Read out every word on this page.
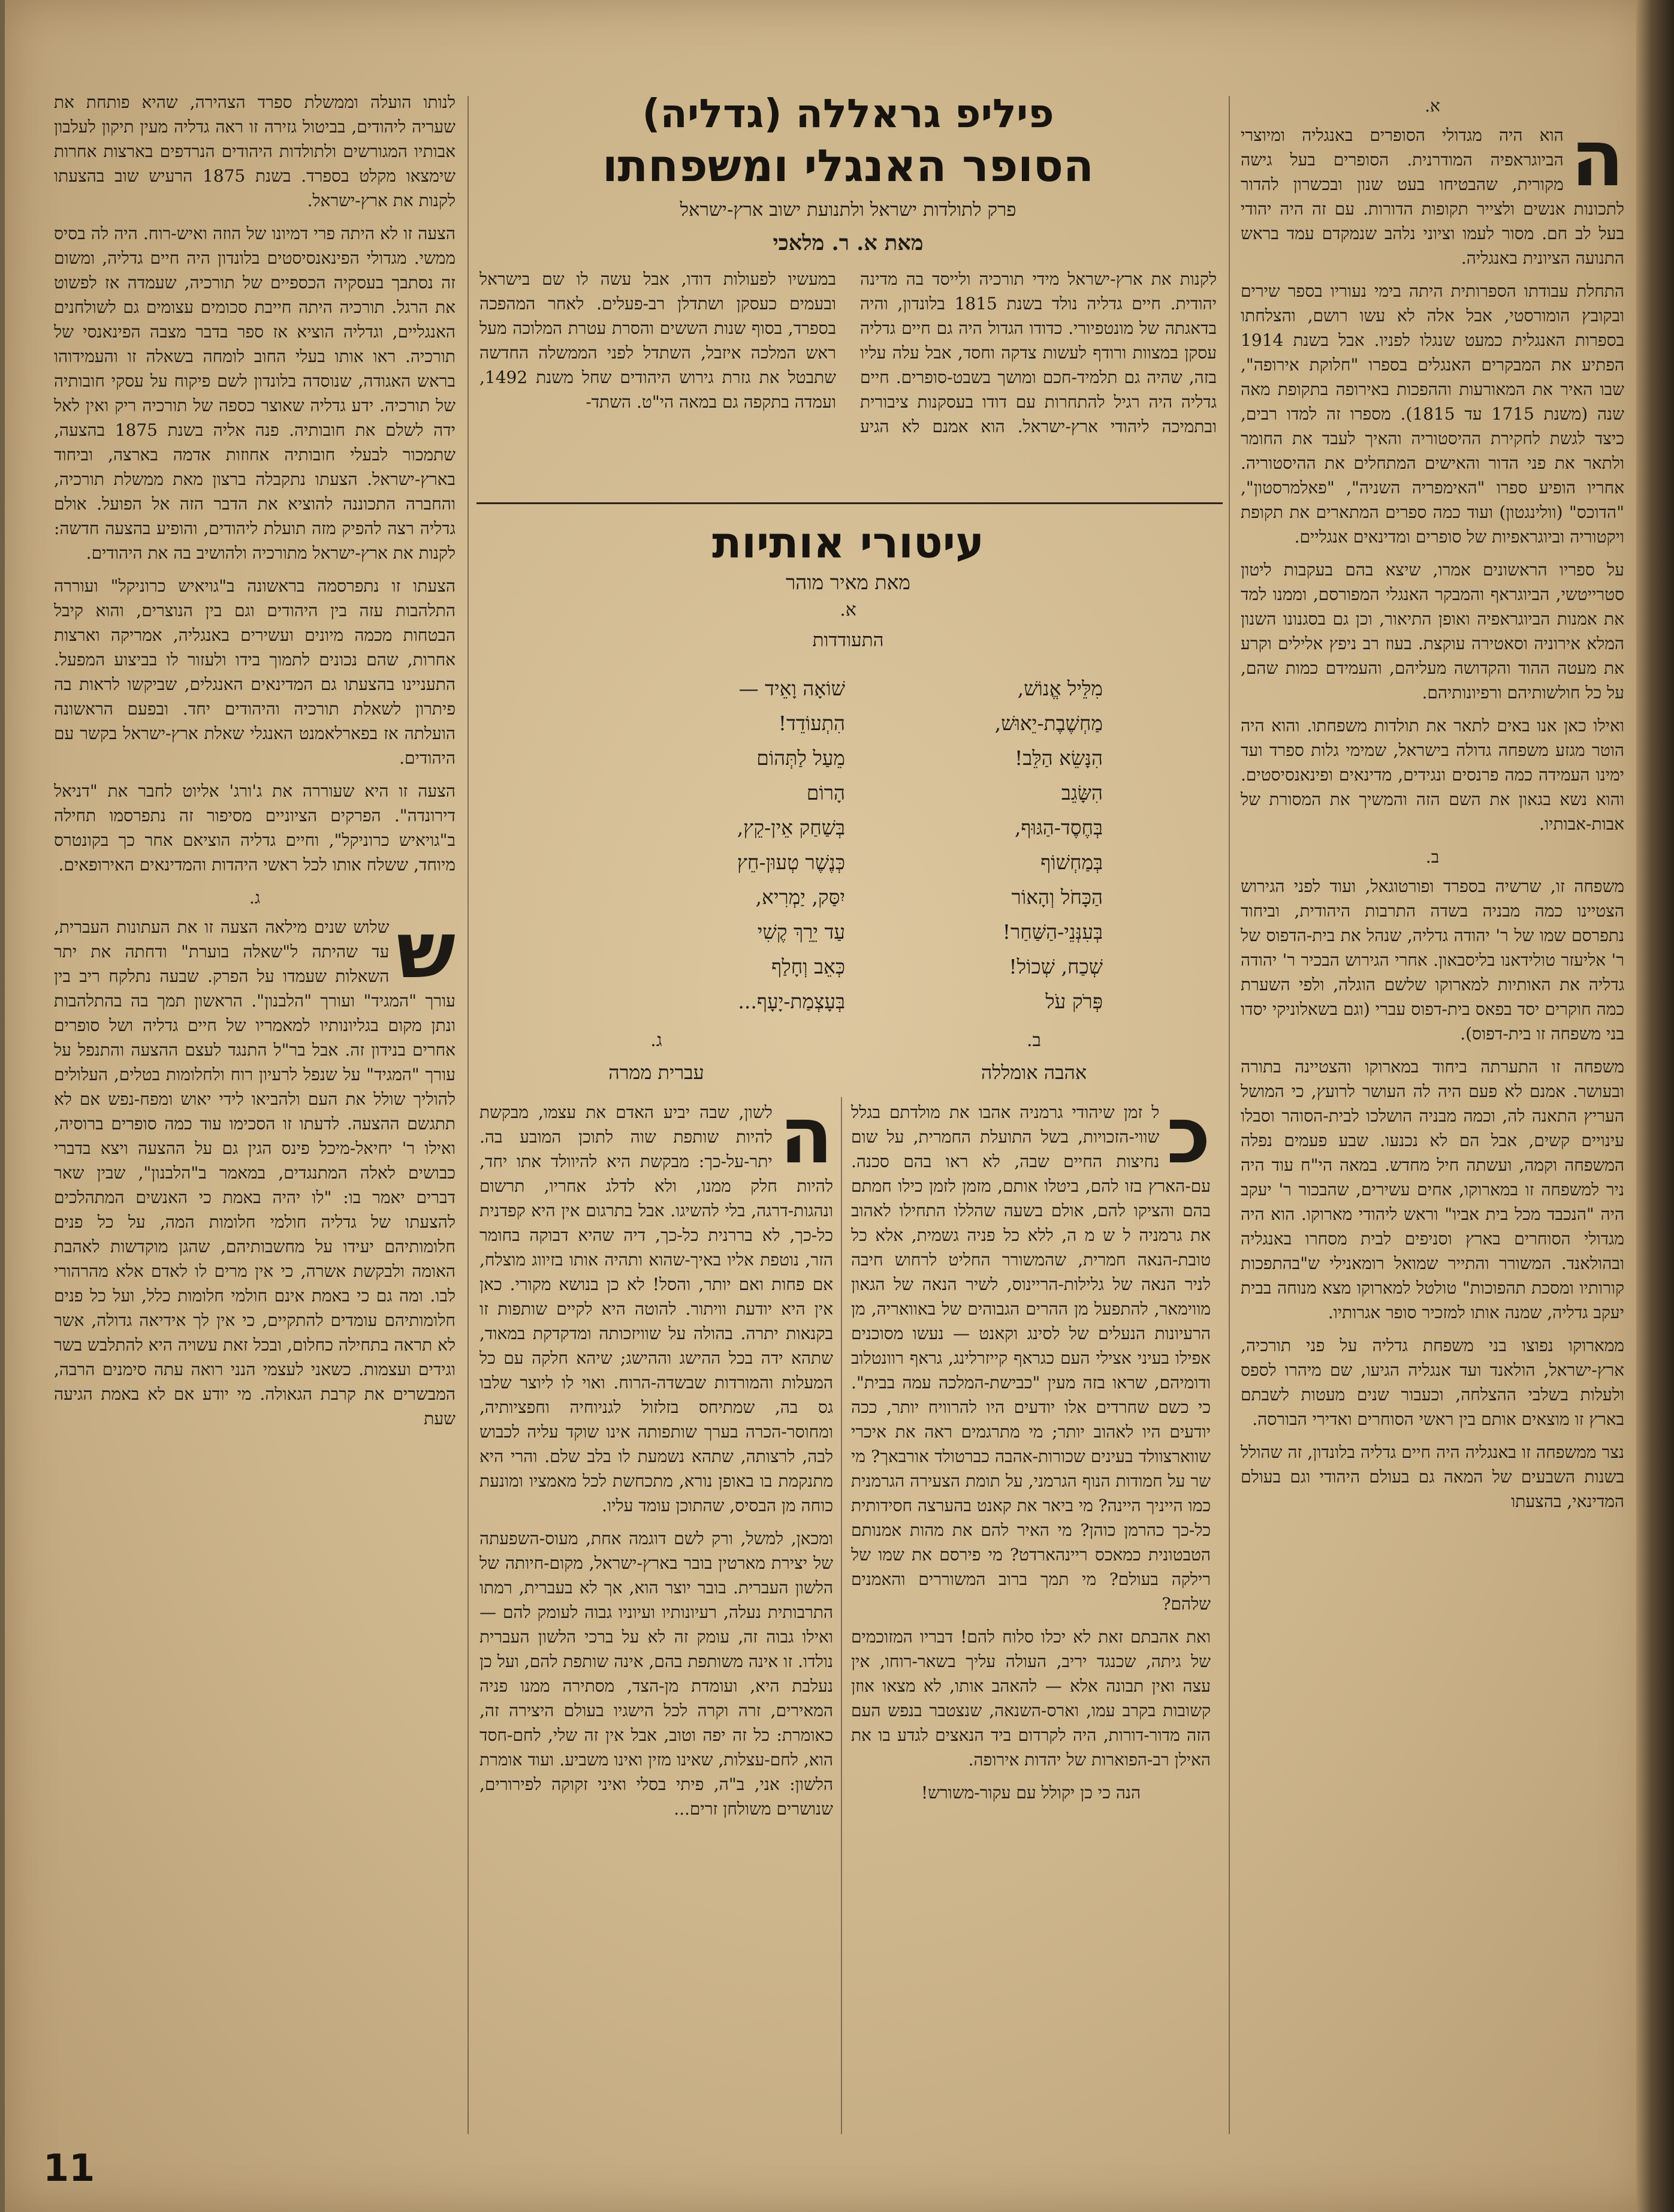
א.

ה
הוא היה מגדולי הסופרים באנגליה ומיוצרי הביוגראפיה המודרנית. הסופרים בעל גישה מקורית, שהבטיחו בעט שנון ובכשרון להדור לתכונות אנשים ולצייר תקופות הדורות. עם זה היה יהודי בעל לב חם. מסור לעמו וציוני נלהב שנמקדם עמד בראש התנועה הציונית באנגליה.

התחלת עבודתו הספרותית היתה בימי נעוריו בספר שירים ובקובץ הומורסטי, אבל אלה לא עשו רושם, והצלחתו בספרות האנגלית כמעט שנגלו לפניו. אבל בשנת 1914 הפתיע את המבקרים האנגלים בספרו "חלוקת אירופה", שבו האיר את המאורעות וההפכות באירופה בתקופת מאה שנה (משנת 1715 עד 1815). מספרו זה למדו רבים, כיצד לגשת לחקירת ההיסטוריה והאיך לעבד את החומר ולתאר את פני הדור והאישים המתחלים את ההיסטוריה. אחריו הופיע ספרו "האימפריה השניה", "פאלמרסטון", "הדוכס" (וולינגטון) ועוד כמה ספרים המתארים את תקופת ויקטוריה וביוגראפיות של סופרים ומדינאים אנגליים.

על ספריו הראשונים אמרו, שיצא בהם בעקבות ליטון סטרייטשי, הביוגראף והמבקר האנגלי המפורסם, וממנו למד את אמנות הביוגראפיה ואופן התיאור, וכן גם בסגנונו השנון המלא אירוניה וסאטירה עוקצת. בעוז רב ניפץ אלילים וקרע את מעטה ההוד והקדושה מעליהם, והעמידם כמות שהם, על כל חולשותיהם ורפיונותיהם.

ואילו כאן אנו באים לתאר את תולדות משפחתו. והוא היה הוטר מגזע משפחה גדולה בישראל, שמימי גלות ספרד ועד ימינו העמידה כמה פרנסים ונגידים, מדינאים ופינאנסיסטים. והוא נשא בגאון את השם הזה והמשיך את המסורת של אבות-אבותיו.

ב.

משפחה זו, שרשיה בספרד ופורטוגאל, ועוד לפני הגירוש הצטיינו כמה מבניה בשדה התרבות היהודית, וביחוד נתפרסם שמו של ר' יהודה גדליה, שנהל את בית-הדפוס של ר' אליעזר טולידאנו בליסבאון. אחרי הגירוש הבכיר ר' יהודה גדליה את האותיות למארוקו שלשם הוגלה, ולפי השערת כמה חוקרים יסד בפאס בית-דפוס עברי (וגם בשאלוניקי יסדו בני משפחה זו בית-דפוס).

משפחה זו התערתה ביחוד במארוקו והצטיינה בתורה ובעושר. אמנם לא פעם היה לה העושר לרועץ, כי המושל העריץ התאנה לה, וכמה מבניה הושלכו לבית-הסוהר וסבלו עינויים קשים, אבל הם לא נכנעו. שבע פעמים נפלה המשפחה וקמה, ועשתה חיל מחדש. במאה הי"ח עוד היה ניר למשפחה זו במארוקו, אחים עשירים, שהבכור ר' יעקב היה "הנכבד מכל בית אביו" וראש ליהודי מארוקו. הוא היה מגדולי הסוחרים בארץ וסניפים לבית מסחרו באנגליה ובהולאנד. המשורר והתייר שמואל רומאנילי ש"בהתפכות קורותיו ומסכת תהפוכות" טולטל למארוקו מצא מנוחה בבית יעקב גדליה, שמנה אותו למזכיר סופר אגרותיו.

ממארוקו נפוצו בני משפחת גדליה על פני תורכיה, ארץ-ישראל, הולאנד ועד אנגליה הגיעו, שם מיהרו לספס ולעלות בשלבי ההצלחה, וכעבור שנים מעטות לשבתם בארץ זו מוצאים אותם בין ראשי הסוחרים ואדירי הבורסה.

נצר ממשפחה זו באנגליה היה חיים גדליה בלונדון, זה שהולל בשנות השבעים של המאה גם בעולם היהודי וגם בעולם המדינאי, בהצעתו

פיליפ גראללה (גדליה)
הסופר האנגלי ומשפחתו
פרק לתולדות ישראל ולתנועת ישוב ארץ-ישראל
מאת א. ר. מלאכי

לקנות את ארץ-ישראל מידי תורכיה ולייסד בה מדינה יהודית. חיים גדליה נולד בשנת 1815 בלונדון, והיה בדאגתה של מונטפיורי. כדודו הגדול היה גם חיים גדליה עסקן במצוות ורודף לעשות צדקה וחסד, אבל עלה עליו בזה, שהיה גם תלמיד-חכם ומושך בשבט-סופרים. חיים גדליה היה רגיל להתחרות עם דודו בעסקנות ציבורית ובתמיכה ליהודי ארץ-ישראל. הוא אמנם לא הגיע במעשיו לפעולות דודו, אבל עשה לו שם בישראל ובעמים כעסקן ושתדלן רב-פעלים. לאחר המהפכה בספרד, בסוף שנות הששים והסרת עטרת המלוכה מעל ראש המלכה איזבל, השתדל לפני הממשלה החדשה שתבטל את גזרת גירוש היהודים שחל משנת 1492, ועמדה בתקפה גם במאה הי"ט. השתד-

עיטורי אותיות
מאת מאיר מוהר
א.
התעודדות
מִלֵּיל אֱנוֹשׁ,
מַחְשֶׁבֶת-יֵאוּשׁ,
הִנָּשֵׂא הַלֵּב!
הִשָּׂגֵב
בְּחֶסֶד-הַגּוּף,
בְּמַחְשׁוֹף
הַכָּחֹל וְהָאוֹר
בְּעִנְּנֵי-הַשַּׁחַר!
שְׁכַח, שְׁכוֹל!
פְּרֹק עֹל
שׁוֹאָה וָאֵיד —
הִתְעוֹדֵד!
מֵעַל לַתְּהוֹם
הָרוֹם
בְּשַׁחַק אֵין-קֵץ,
כְּנֶשֶׁר טְעוּן-חֵץ
יִסַּק, יַמְרִיא,
עַד יֵרֵךְ קֶשִׁי
כְּאֵב וְחָלַף
בְּעָצְמַת-יָעָף...
ב.
אהבה אומללה
ג.
עברית ממרה

כ
ל זמן שיהודי גרמניה אהבו את מולדתם בגלל שווי-הזכויות, בשל התועלת החמרית, על שום נחיצות החיים שבה, לא ראו בהם סכנה. עם-הארץ בזו להם, ביטלו אותם, מזמן לזמן כילו חמתם בהם והציקו להם, אולם בשעה שהללו התחילו לאהוב את גרמניה ל ש מ ה, ללא כל פניה גשמית, אלא כל טובת-הנאה חמרית, שהמשורר החליט לרחוש חיבה לניר הנאה של גלילות-הריינוס, לשיר הנאה של הגאון מווימאר, להתפעל מן ההרים הגבוהים של באוואריה, מן הרעיונות הנעלים של לסינג וקאנט — נעשו מסוכנים אפילו בעיני אצילי העם כגראף קייזרלינג, גראף רוונטלוב ודומיהם, שראו בזה מעין "כבישת-המלכה עמה בבית". כי כשם שחרדים אלו יודעים היו להרוויח יותר, ככה יודעים היו לאהוב יותר; מי מתרגמים ראה את איכרי שווארצוולד בעינים שכורות-אהבה כברטולד אורבאך? מי שר על חמודות הנוף הגרמני, על תומת הצעירה הגרמנית כמו הייניך היינה? מי ביאר את קאנט בהערצה חסידותית כל-כך כהרמן כוהן? מי האיר להם את מהות אמנותם הטבטונית כמאכס ריינהארדט? מי פירסם את שמו של רילקה בעולם? מי תמך ברוב המשוררים והאמנים שלהם?

ואת אהבתם זאת לא יכלו סלוח להם! דבריו המזוכמים של גיתה, שכנגד יריב, העולה עליך בשאר-רוחו, אין עצה ואין תבונה אלא — להאהב אותו, לא מצאו אוזן קשובות בקרב עמו, וארס-השנאה, שנצטבר בנפש העם הזה מדור-דורות, היה לקרדום ביד הנאצים לגדע בו את האילן רב-הפוארות של יהדות אירופה.

הנה כי כן יקולל עם עקור-משורש!

ה
לשון, שבה יביע האדם את עצמו, מבקשת להיות שותפת שוה לתוכן המובע בה. יתר-על-כך: מבקשת היא להיוולד אתו יחד, להיות חלק ממנו, ולא לדלג אחריו, תרשום ונהגות-דרגה, בלי להשיגו. אבל בתרגום אין היא קפדנית כל-כך, לא בררנית כל-כך, דיה שהיא דבוקה בחומר הזר, נוטפת אליו באיך-שהוא ותהיה אותו בזיווג מוצלח, אם פחות ואם יותר, והסל! לא כן בנושא מקורי. כאן אין היא יודעת וויתור. להוטה היא לקיים שותפות זו בקנאות יתרה. בהולה על שוויזכותה ומדקדקת במאוד, שתהא ידה בכל ההישג וההישג; שיהא חלקה עם כל המעלות והמורדות שבשדה-הרוח. ואוי לו ליוצר שלבו גס בה, שמתיחס בזלזול לגניוחיה וחפציותיה, ומחוסר-הכרה בערך שותפותה אינו שוקד עליה לכבוש לבה, לרצותה, שתהא נשמעת לו בלב שלם. והרי היא מתנקמת בו באופן נורא, מתכחשת לכל מאמציו ומונעת כוחה מן הבסיס, שהתוכן עומד עליו.

ומכאן, למשל, ורק לשם דוגמה אחת, מעוס-השפעתה של יצירת מארטין בובר בארץ-ישראל, מקום-חיותה של הלשון העברית. בובר יוצר הוא, אך לא בעברית, רמתו התרבותית נעלה, רעיונותיו ועיוניו גבוה לעומק להם — ואילו גבוה זה, עומק זה לא על ברכי הלשון העברית נולדו. זו אינה משותפת בהם, אינה שותפת להם, ועל כן נעלבת היא, ועומדת מן-הצד, מסתירה ממנו פניה המאירים, זרה וקרה לכל הישגיו בעולם היצירה זה, כאומרת: כל זה יפה וטוב, אבל אין זה שלי, לחם-חסד הוא, לחם-עצלות, שאינו מזין ואינו משביע. ועוד אומרת הלשון: אני, ב"ה, פיתי בסלי ואיני זקוקה לפירורים, שנושרים משולחן זרים...

לנותו הועלה וממשלת ספרד הצהירה, שהיא פותחת את שעריה ליהודים, בביטול גזירה זו ראה גדליה מעין תיקון לעלבון אבותיו המגורשים ולתולדות היהודים הנרדפים בארצות אחרות שימצאו מקלט בספרד. בשנת 1875 הרעיש שוב בהצעתו לקנות את ארץ-ישראל.

הצעה זו לא היתה פרי דמיונו של הוזה ואיש-רוח. היה לה בסיס ממשי. מגדולי הפינאנסיסטים בלונדון היה חיים גדליה, ומשום זה נסתבך בעסקיה הכספיים של תורכיה, שעמדה אז לפשוט את הרגל. תורכיה היתה חייבת סכומים עצומים גם לשולחנים האנגליים, וגדליה הוציא אז ספר בדבר מצבה הפינאנסי של תורכיה. ראו אותו בעלי החוב לומחה בשאלה זו והעמידוהו בראש האגודה, שנוסדה בלונדון לשם פיקוח על עסקי חובותיה של תורכיה. ידע גדליה שאוצר כספה של תורכיה ריק ואין לאל ידה לשלם את חובותיה. פנה אליה בשנת 1875 בהצעה, שתמכור לבעלי חובותיה אחוזות אדמה בארצה, וביחוד בארץ-ישראל. הצעתו נתקבלה ברצון מאת ממשלת תורכיה, והחברה התכוננה להוציא את הדבר הזה אל הפועל. אולם גדליה רצה להפיק מזה תועלת ליהודים, והופיע בהצעה חדשה: לקנות את ארץ-ישראל מתורכיה ולהושיב בה את היהודים.

הצעתו זו נתפרסמה בראשונה ב"גויאיש כרוניקל" ועוררה התלהבות עזה בין היהודים וגם בין הנוצרים, והוא קיבל הבטחות מכמה מיונים ועשירים באנגליה, אמריקה וארצות אחרות, שהם נכונים לתמוך בידו ולעזור לו בביצוע המפעל. התעניינו בהצעתו גם המדינאים האנגלים, שביקשו לראות בה פיתרון לשאלת תורכיה והיהודים יחד. ובפעם הראשונה הועלתה אז בפארלאמנט האנגלי שאלת ארץ-ישראל בקשר עם היהודים.

הצעה זו היא שעוררה את ג'ורג' אליוט לחבר את "דניאל דירונדה". הפרקים הציוניים מסיפור זה נתפרסמו תחילה ב"גויאיש כרוניקל", וחיים גדליה הוציאם אחר כך בקונטרס מיוחד, ששלח אותו לכל ראשי היהדות והמדינאים האירופאים.

ג.

ש
שלוש שנים מילאה הצעה זו את העתונות העברית, עד שהיתה ל"שאלה בוערת" ודחתה את יתר השאלות שעמדו על הפרק. שבעה נתלקח ריב בין עורך "המגיד" ועורך "הלבנון". הראשון תמך בה בהתלהבות ונתן מקום בגליונותיו למאמריו של חיים גדליה ושל סופרים אחרים בנידון זה. אבל בר"ל התנגד לעצם ההצעה והתנפל על עורך "המגיד" על שנפל לרעיון רוח ולחלומות בטלים, העלולים להוליך שולל את העם ולהביאו לידי יאוש ומפח-נפש אם לא תתגשם ההצעה. לדעתו זו הסכימו עוד כמה סופרים ברוסיה, ואילו ר' יחיאל-מיכל פינס הגין גם על ההצעה ויצא בדברי כבושים לאלה המתנגדים, במאמר ב"הלבנון", שבין שאר דברים יאמר בו: "לו יהיה באמת כי האנשים המתהלכים להצעתו של גדליה חולמי חלומות המה, על כל פנים חלומותיהם יעידו על מחשבותיהם, שהגן מוקדשות לאהבת האומה ולבקשת אשרה, כי אין מרים לו לאדם אלא מהרהורי לבו. ומה גם כי באמת אינם חולמי חלומות כלל, ועל כל פנים חלומותיהם עומדים להתקיים, כי אין לך אידיאה גדולה, אשר לא תראה בתחילה כחלום, ובכל זאת עשויה היא להתלבש בשר וגידים ועצמות. כשאני לעצמי הנני רואה עתה סימנים הרבה, המבשרים את קרבת הגאולה. מי יודע אם לא באמת הגיעה שעת

11
